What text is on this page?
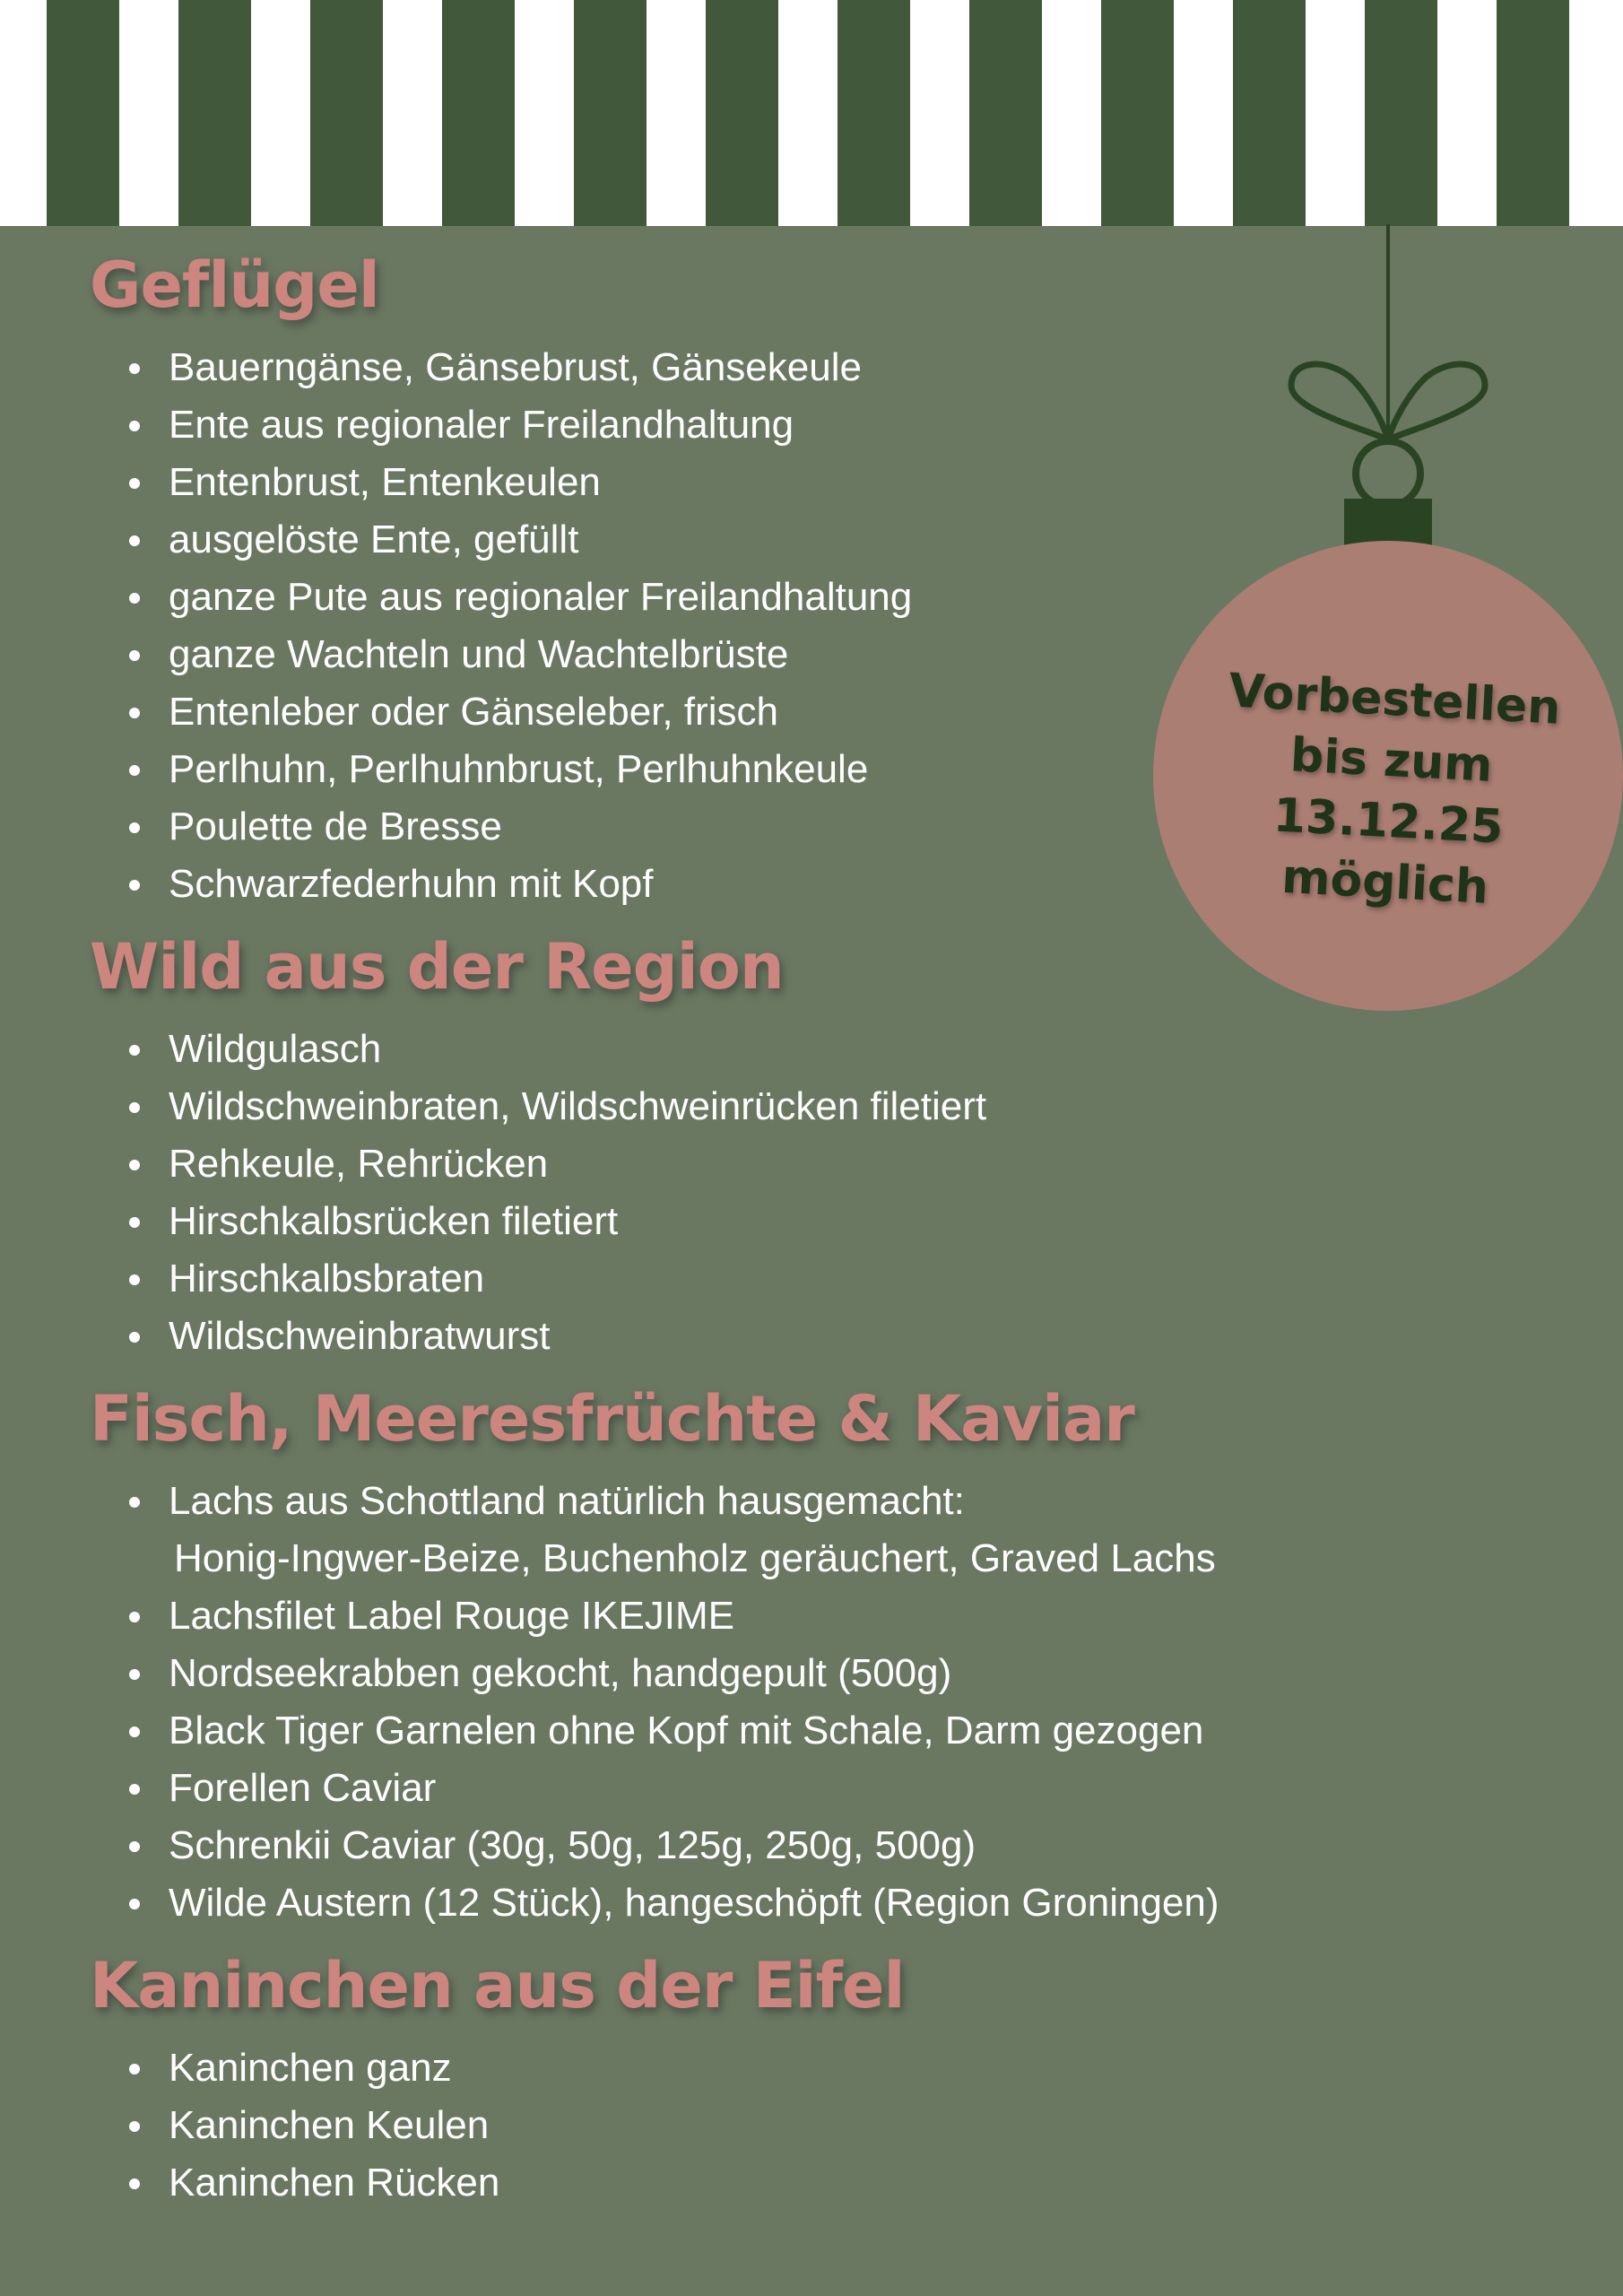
Geflügel
Bauerngänse, Gänsebrust, Gänsekeule
Ente aus regionaler Freilandhaltung
Entenbrust, Entenkeulen
ausgelöste Ente, gefüllt
ganze Pute aus regionaler Freilandhaltung
ganze Wachteln und Wachtelbrüste
Entenleber oder Gänseleber, frisch
Perlhuhn, Perlhuhnbrust, Perlhuhnkeule
Poulette de Bresse
Schwarzfederhuhn mit Kopf
Wild aus der Region
Wildgulasch
Wildschweinbraten, Wildschweinrücken filetiert
Rehkeule, Rehrücken
Hirschkalbsrücken filetiert
Hirschkalbsbraten
Wildschweinbratwurst
Fisch, Meeresfrüchte & Kaviar
Lachs aus Schottland natürlich hausgemacht:
Honig-Ingwer-Beize, Buchenholz geräuchert, Graved Lachs
Lachsfilet Label Rouge IKEJIME
Nordseekrabben gekocht, handgepult (500g)
Black Tiger Garnelen ohne Kopf mit Schale, Darm gezogen
Forellen Caviar
Schrenkii Caviar (30g, 50g, 125g, 250g, 500g)
Wilde Austern (12 Stück), hangeschöpft (Region Groningen)
Kaninchen aus der Eifel
Kaninchen ganz
Kaninchen Keulen
Kaninchen Rücken
Vorbestellen
bis zum
13.12.25
möglich
